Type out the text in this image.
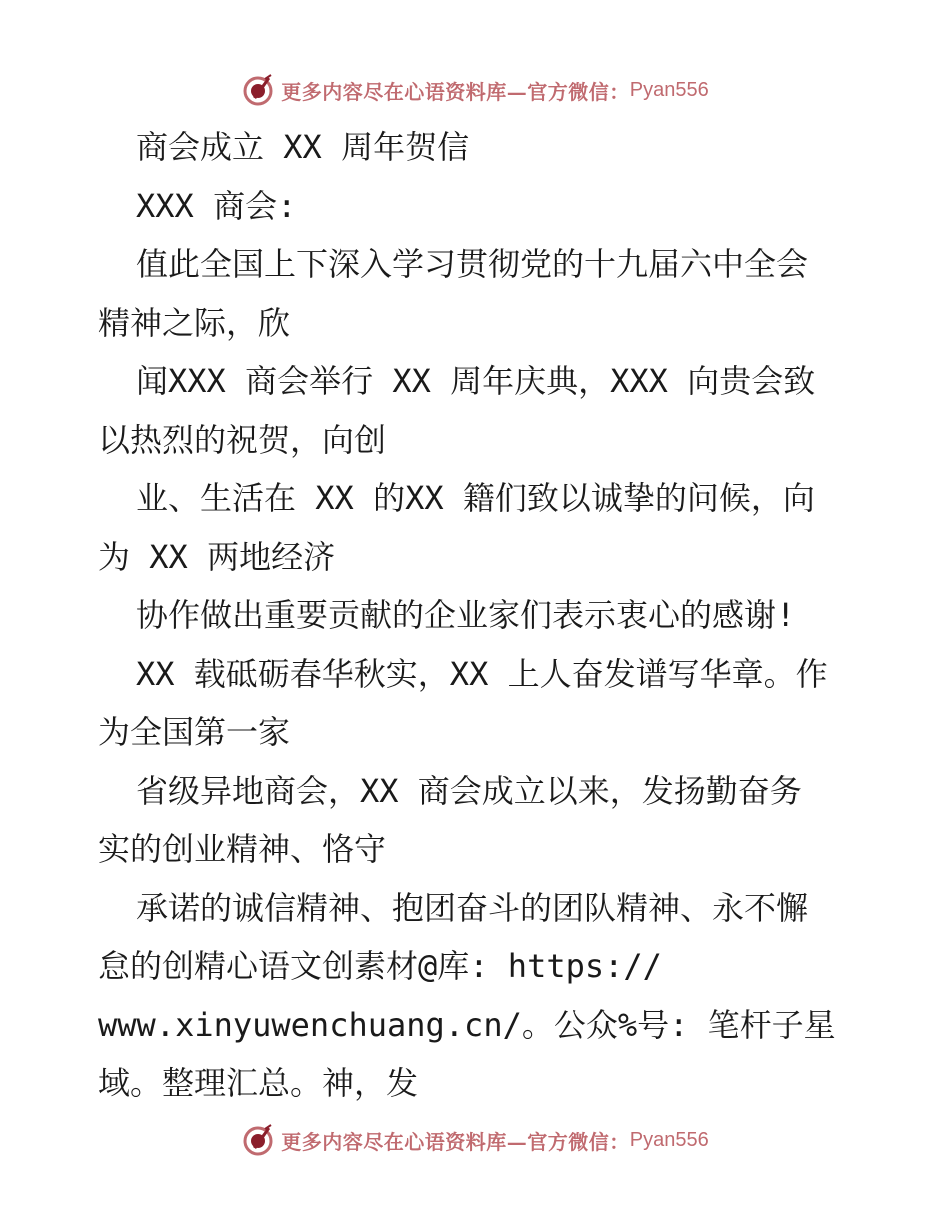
更多内容尽在心语资料库—官方微信： Pyan556
商会成立 XX 周年贺信
XXX 商会:
值此全国上下深入学习贯彻党的十九届六中全会
精神之际，欣
闻XXX 商会举行 XX 周年庆典，XXX 向贵会致
以热烈的祝贺，向创
业、生活在 XX 的XX 籍们致以诚挚的问候，向
为 XX 两地经济
协作做出重要贡献的企业家们表示衷心的感谢!
XX 载砥砺春华秋实，XX 上人奋发谱写华章。作
为全国第一家
省级异地商会，XX 商会成立以来，发扬勤奋务
实的创业精神、恪守
承诺的诚信精神、抱团奋斗的团队精神、永不懈
怠的创精心语文创素材@库: https://
www.xinyuwenchuang.cn/。公众%号: 笔杆子星
域。整理汇总。神，发
更多内容尽在心语资料库—官方微信： Pyan556
